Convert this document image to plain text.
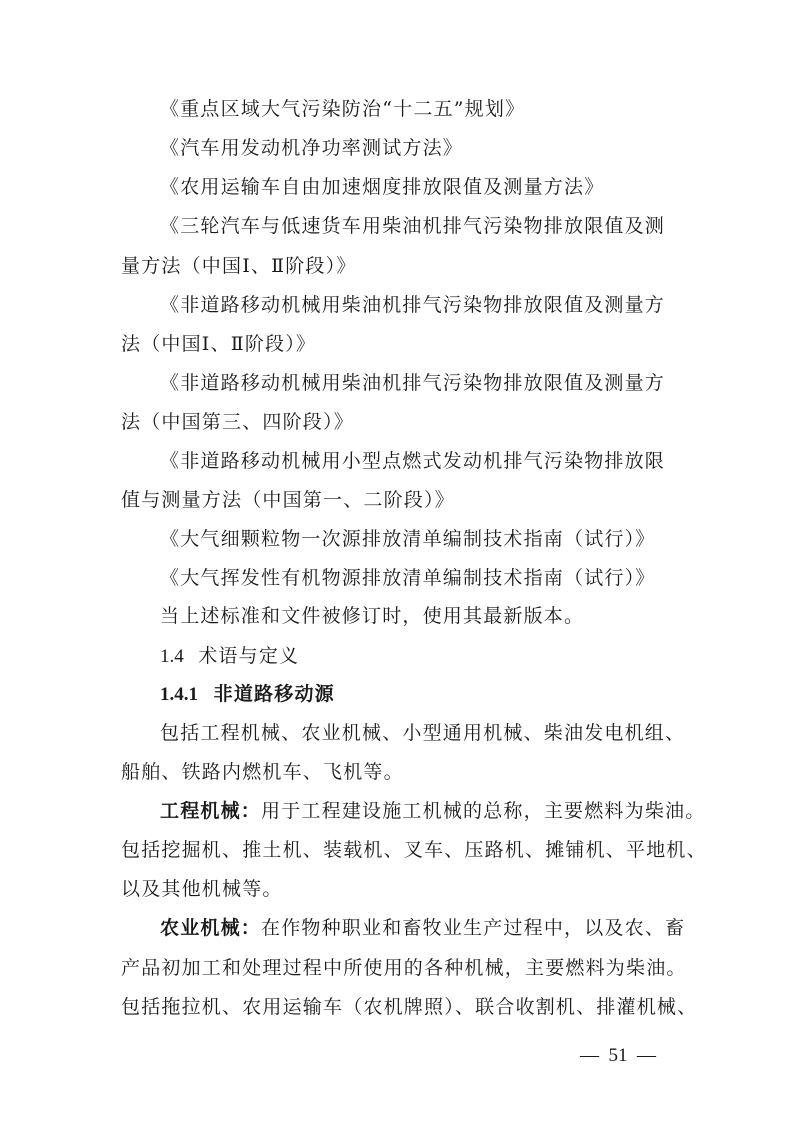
《重点区域大气污染防治“十二五”规划》
《汽车用发动机净功率测试方法》
《农用运输车自由加速烟度排放限值及测量方法》
《三轮汽车与低速货车用柴油机排气污染物排放限值及测
量方法（中国Ⅰ、Ⅱ阶段）》
《非道路移动机械用柴油机排气污染物排放限值及测量方
法（中国Ⅰ、Ⅱ阶段）》
《非道路移动机械用柴油机排气污染物排放限值及测量方
法（中国第三、四阶段）》
《非道路移动机械用小型点燃式发动机排气污染物排放限
值与测量方法（中国第一、二阶段）》
《大气细颗粒物一次源排放清单编制技术指南（试行）》
《大气挥发性有机物源排放清单编制技术指南（试行）》
当上述标准和文件被修订时，使用其最新版本。
1.4 术语与定义
1.4.1 非道路移动源
包括工程机械、农业机械、小型通用机械、柴油发电机组、
船舶、铁路内燃机车、飞机等。
工程机械：用于工程建设施工机械的总称，主要燃料为柴油。
包括挖掘机、推土机、装载机、叉车、压路机、摊铺机、平地机、
以及其他机械等。
农业机械：在作物种职业和畜牧业生产过程中，以及农、畜
产品初加工和处理过程中所使用的各种机械，主要燃料为柴油。
包括拖拉机、农用运输车（农机牌照）、联合收割机、排灌机械、
— 51 —
